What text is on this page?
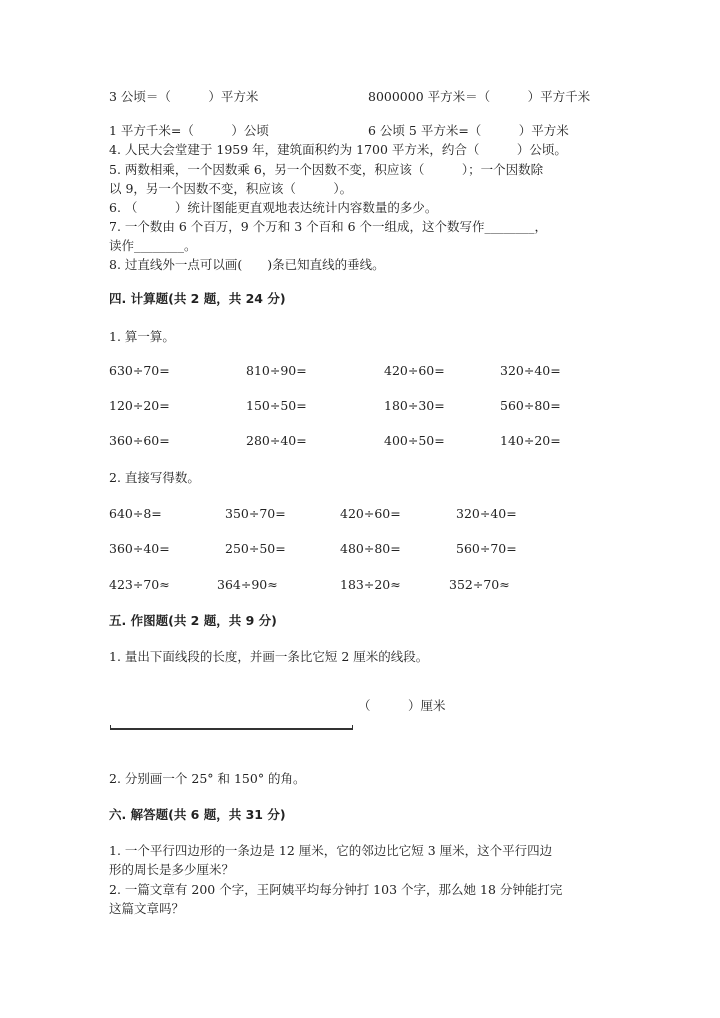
3 公顷＝（　　　）平方米	8000000 平方米＝（　　　）平方千米
1 平方千米=（　　　）公顷	6 公顷 5 平方米=（　　　）平方米
4. 人民大会堂建于 1959 年，建筑面积约为 1700 平方米，约合（　　　）公顷。
5. 两数相乘，一个因数乘 6，另一个因数不变，积应该（　　　）；一个因数除
以 9，另一个因数不变，积应该（　　　）。
6. （　　　）统计图能更直观地表达统计内容数量的多少。
7. 一个数由 6 个百万，9 个万和 3 个百和 6 个一组成，这个数写作________，
读作________。
8. 过直线外一点可以画(　　)条已知直线的垂线。
四. 计算题(共 2 题，共 24 分)
1. 算一算。
630÷70=	810÷90=	420÷60=	320÷40=
120÷20=	150÷50=	180÷30=	560÷80=
360÷60=	280÷40=	400÷50=	140÷20=
2. 直接写得数。
640÷8=	350÷70=	420÷60=	320÷40=
360÷40=	250÷50=	480÷80=	560÷70=
423÷70≈	364÷90≈	183÷20≈	352÷70≈
五. 作图题(共 2 题，共 9 分)
1. 量出下面线段的长度，并画一条比它短 2 厘米的线段。
（　　　）厘米
2. 分别画一个 25° 和 150° 的角。
六. 解答题(共 6 题，共 31 分)
1. 一个平行四边形的一条边是 12 厘米，它的邻边比它短 3 厘米，这个平行四边
形的周长是多少厘米？
2. 一篇文章有 200 个字，王阿姨平均每分钟打 103 个字，那么她 18 分钟能打完
这篇文章吗？
